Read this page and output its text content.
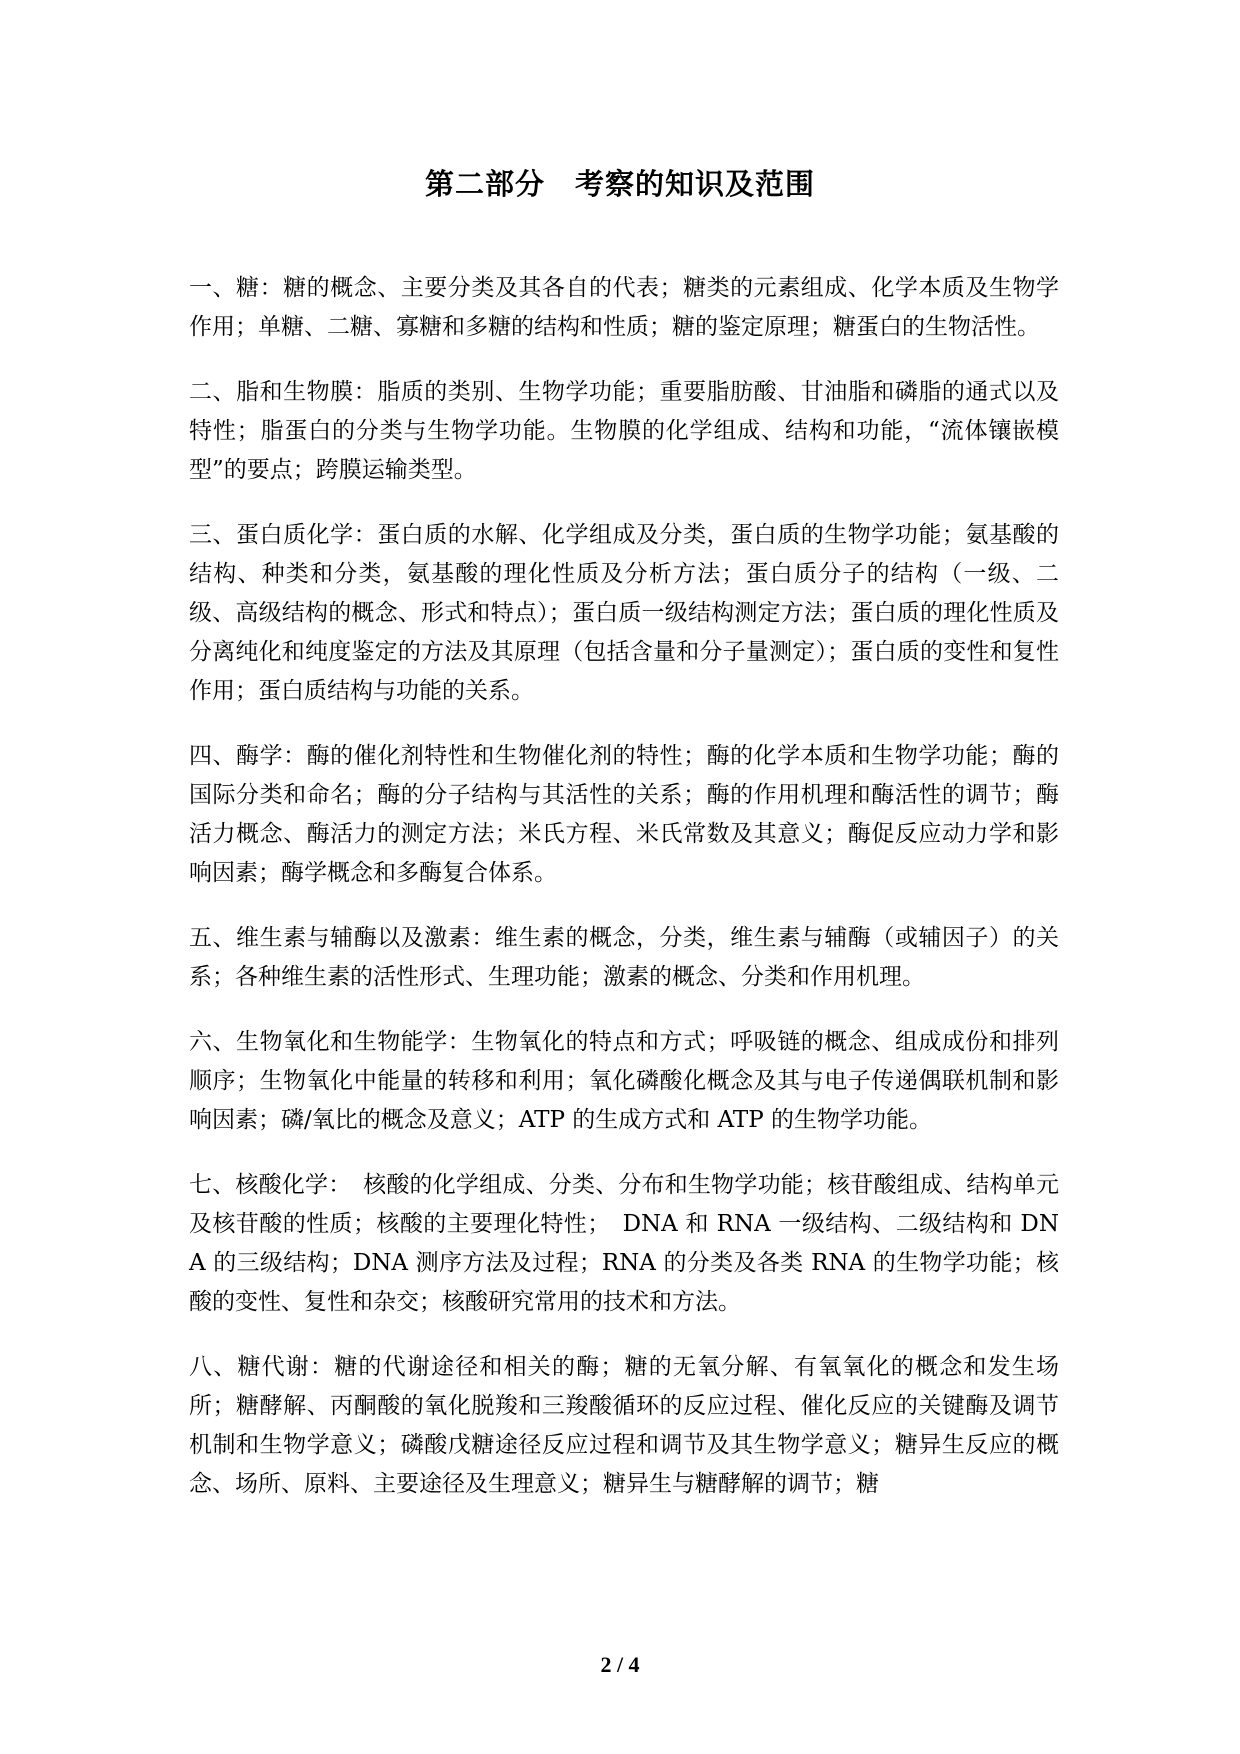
第二部分　考察的知识及范围

一、糖：糖的概念、主要分类及其各自的代表；糖类的元素组成、化学本质及生物学作用；单糖、二糖、寡糖和多糖的结构和性质；糖的鉴定原理；糖蛋白的生物活性。

二、脂和生物膜：脂质的类别、生物学功能；重要脂肪酸、甘油脂和磷脂的通式以及特性；脂蛋白的分类与生物学功能。生物膜的化学组成、结构和功能，“流体镶嵌模型”的要点；跨膜运输类型。

三、蛋白质化学：蛋白质的水解、化学组成及分类，蛋白质的生物学功能；氨基酸的结构、种类和分类，氨基酸的理化性质及分析方法；蛋白质分子的结构（一级、二级、高级结构的概念、形式和特点）；蛋白质一级结构测定方法；蛋白质的理化性质及分离纯化和纯度鉴定的方法及其原理（包括含量和分子量测定）；蛋白质的变性和复性作用；蛋白质结构与功能的关系。

四、酶学：酶的催化剂特性和生物催化剂的特性；酶的化学本质和生物学功能；酶的国际分类和命名；酶的分子结构与其活性的关系；酶的作用机理和酶活性的调节；酶活力概念、酶活力的测定方法；米氏方程、米氏常数及其意义；酶促反应动力学和影响因素；酶学概念和多酶复合体系。

五、维生素与辅酶以及激素：维生素的概念，分类，维生素与辅酶（或辅因子）的关系；各种维生素的活性形式、生理功能；激素的概念、分类和作用机理。

六、生物氧化和生物能学：生物氧化的特点和方式；呼吸链的概念、组成成份和排列顺序；生物氧化中能量的转移和利用；氧化磷酸化概念及其与电子传递偶联机制和影响因素；磷/氧比的概念及意义；ATP 的生成方式和 ATP 的生物学功能。

七、核酸化学：　核酸的化学组成、分类、分布和生物学功能；核苷酸组成、结构单元及核苷酸的性质；核酸的主要理化特性；　DNA 和 RNA 一级结构、二级结构和 DNA 的三级结构；DNA 测序方法及过程；RNA 的分类及各类 RNA 的生物学功能；核酸的变性、复性和杂交；核酸研究常用的技术和方法。

八、糖代谢：糖的代谢途径和相关的酶；糖的无氧分解、有氧氧化的概念和发生场所；糖酵解、丙酮酸的氧化脱羧和三羧酸循环的反应过程、催化反应的关键酶及调节机制和生物学意义；磷酸戊糖途径反应过程和调节及其生物学意义；糖异生反应的概念、场所、原料、主要途径及生理意义；糖异生与糖酵解的调节；糖

2 / 4
